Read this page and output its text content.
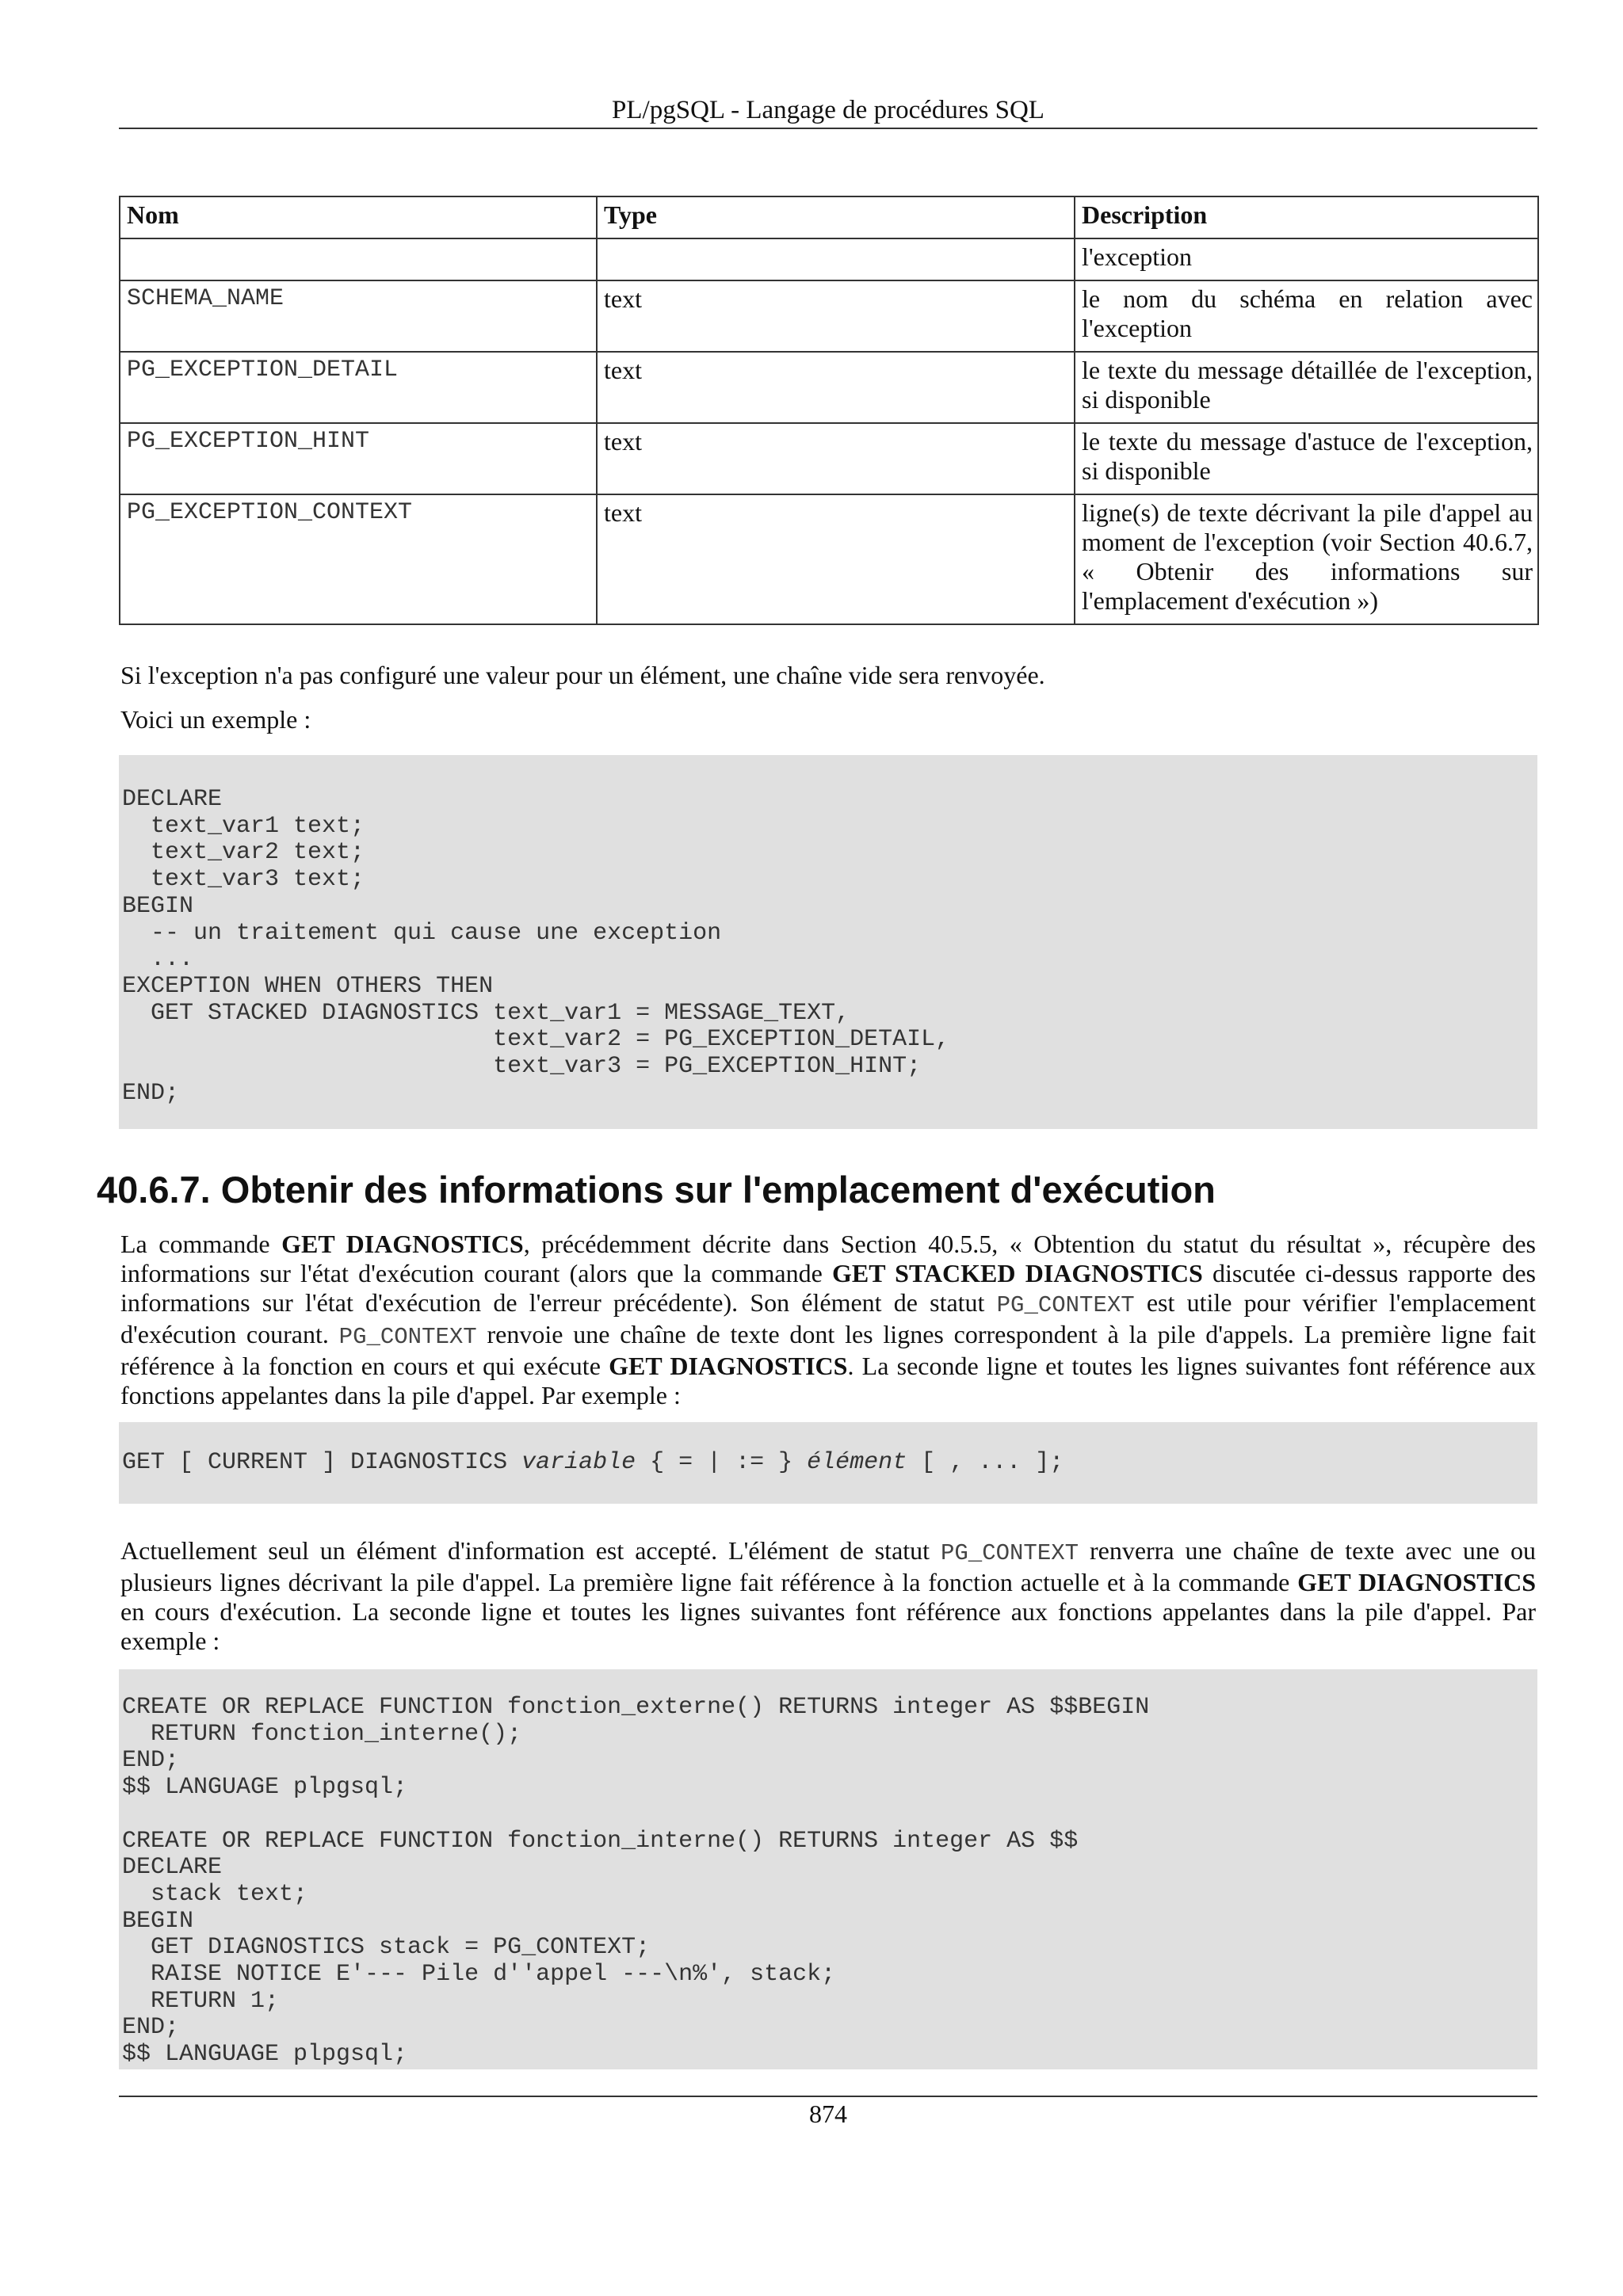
PL/pgSQL - Langage de procédures SQL
Nom	Type	Description
		l'exception
SCHEMA_NAME	text	le nom du schéma en relation avec l'exception
PG_EXCEPTION_DETAIL	text	le texte du message détaillée de l'exception, si disponible
PG_EXCEPTION_HINT	text	le texte du message d'astuce de l'exception, si disponible
PG_EXCEPTION_CONTEXT	text	ligne(s) de texte décrivant la pile d'appel au moment de l'exception (voir Section 40.6.7, « Obtenir des informations sur l'emplacement d'exécution »)

Si l'exception n'a pas configuré une valeur pour un élément, une chaîne vide sera renvoyée.

Voici un exemple :

DECLARE
text_var1 text;
text_var2 text;
text_var3 text;
BEGIN
-- un traitement qui cause une exception
...
EXCEPTION WHEN OTHERS THEN
GET STACKED DIAGNOSTICS text_var1 = MESSAGE_TEXT,
text_var2 = PG_EXCEPTION_DETAIL,
text_var3 = PG_EXCEPTION_HINT;
END;
40.6.7. Obtenir des informations sur l'emplacement d'exécution

La commande GET DIAGNOSTICS, précédemment décrite dans Section 40.5.5, « Obtention du statut du résultat », récupère des informations sur l'état d'exécution courant (alors que la commande GET STACKED DIAGNOSTICS discutée ci-dessus rapporte des informations sur l'état d'exécution de l'erreur précédente). Son élément de statut PG_CONTEXT est utile pour vérifier l'emplacement d'exécution courant. PG_CONTEXT renvoie une chaîne de texte dont les lignes correspondent à la pile d'appels. La première ligne fait référence à la fonction en cours et qui exécute GET DIAGNOSTICS. La seconde ligne et toutes les lignes suivantes font référence aux fonctions appelantes dans la pile d'appel. Par exemple :

GET [ CURRENT ] DIAGNOSTICS variable { = | := } élément [ , ... ];

Actuellement seul un élément d'information est accepté. L'élément de statut PG_CONTEXT renverra une chaîne de texte avec une ou plusieurs lignes décrivant la pile d'appel. La première ligne fait référence à la fonction actuelle et à la commande GET DIAGNOSTICS en cours d'exécution. La seconde ligne et toutes les lignes suivantes font référence aux fonctions appelantes dans la pile d'appel. Par exemple :

CREATE OR REPLACE FUNCTION fonction_externe() RETURNS integer AS $$BEGIN
RETURN fonction_interne();
END;
$$ LANGUAGE plpgsql;

CREATE OR REPLACE FUNCTION fonction_interne() RETURNS integer AS $$
DECLARE
stack text;
BEGIN
GET DIAGNOSTICS stack = PG_CONTEXT;
RAISE NOTICE E'--- Pile d''appel ---\n%', stack;
RETURN 1;
END;
$$ LANGUAGE plpgsql;
874
